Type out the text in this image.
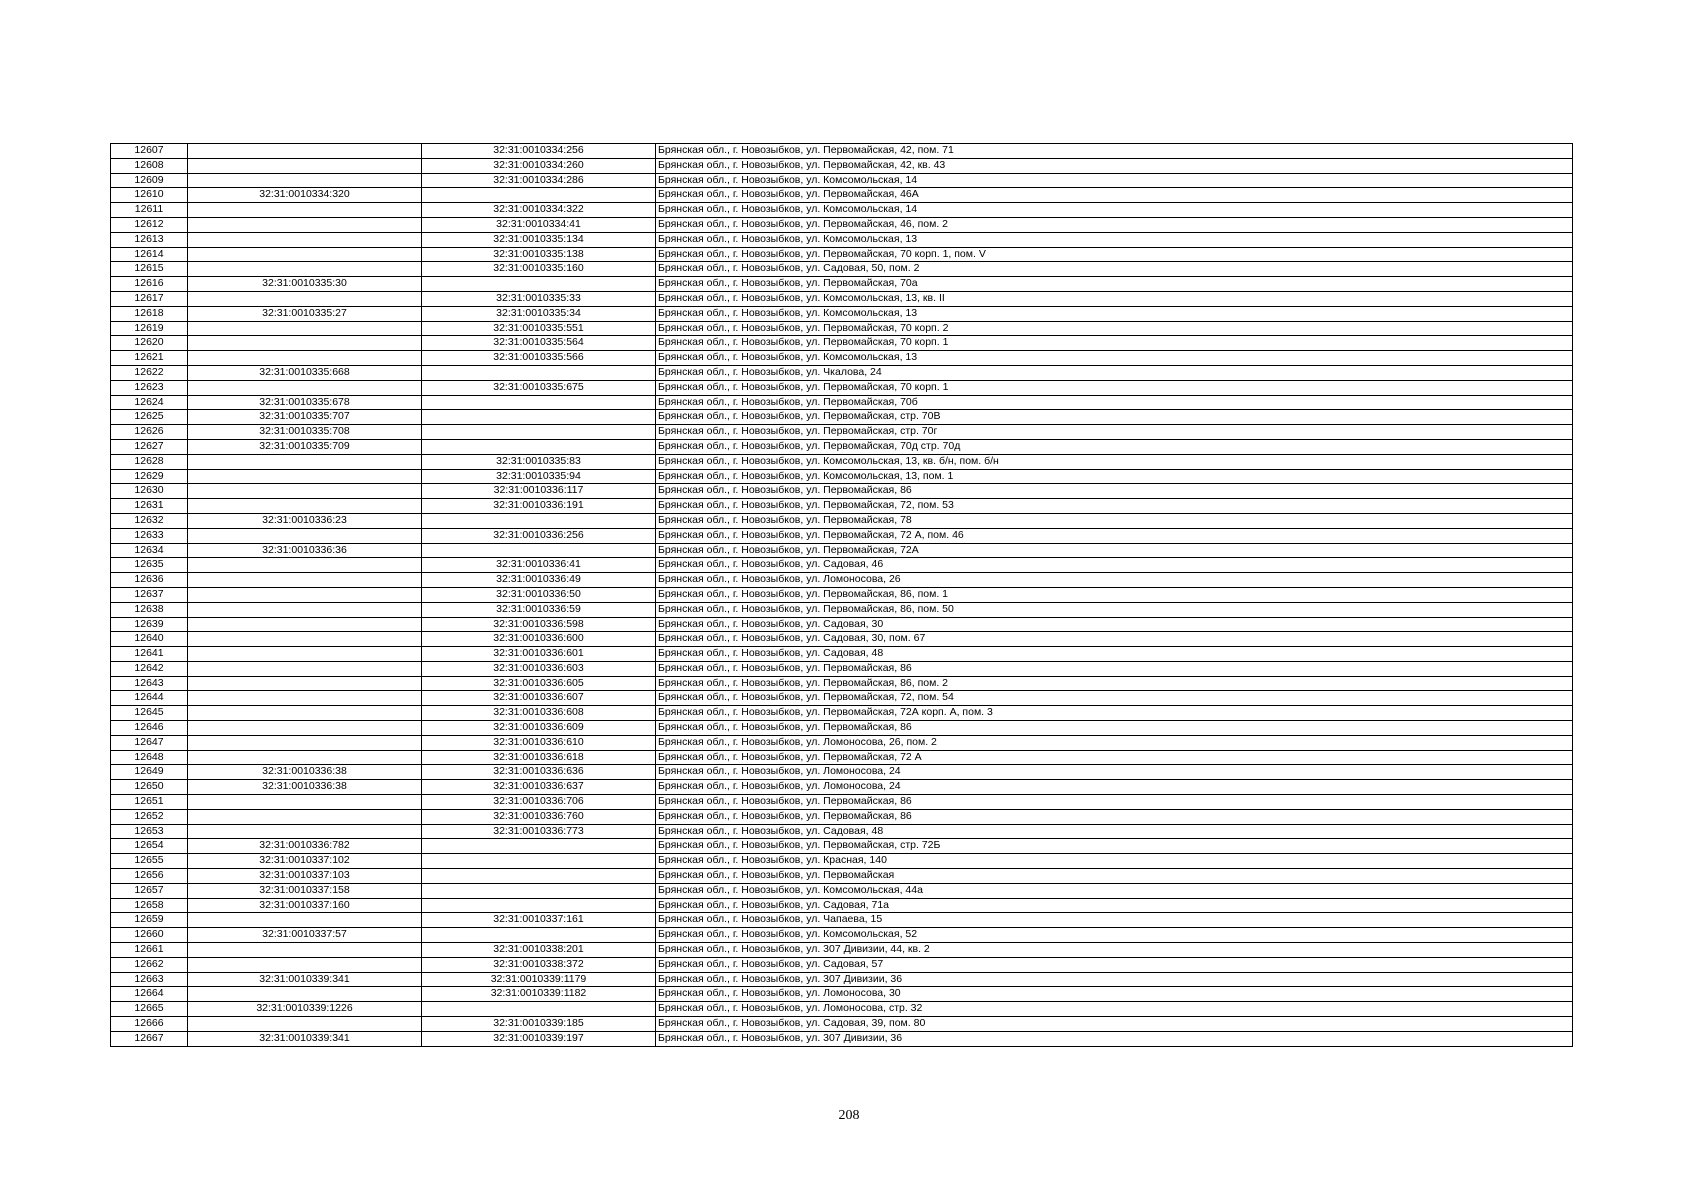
12607		32:31:0010334:256	Брянская обл., г. Новозыбков, ул. Первомайская, 42, пом. 71
12608		32:31:0010334:260	Брянская обл., г. Новозыбков, ул. Первомайская, 42, кв. 43
12609		32:31:0010334:286	Брянская обл., г. Новозыбков, ул. Комсомольская, 14
12610	32:31:0010334:320		Брянская обл., г. Новозыбков, ул. Первомайская, 46А
12611		32:31:0010334:322	Брянская обл., г. Новозыбков, ул. Комсомольская, 14
12612		32:31:0010334:41	Брянская обл., г. Новозыбков, ул. Первомайская, 46, пом. 2
12613		32:31:0010335:134	Брянская обл., г. Новозыбков, ул. Комсомольская, 13
12614		32:31:0010335:138	Брянская обл., г. Новозыбков, ул. Первомайская, 70 корп. 1, пом. V
12615		32:31:0010335:160	Брянская обл., г. Новозыбков, ул. Садовая, 50, пом. 2
12616	32:31:0010335:30		Брянская обл., г. Новозыбков, ул. Первомайская, 70а
12617		32:31:0010335:33	Брянская обл., г. Новозыбков, ул. Комсомольская, 13, кв. II
12618	32:31:0010335:27	32:31:0010335:34	Брянская обл., г. Новозыбков, ул. Комсомольская, 13
12619		32:31:0010335:551	Брянская обл., г. Новозыбков, ул. Первомайская, 70 корп. 2
12620		32:31:0010335:564	Брянская обл., г. Новозыбков, ул. Первомайская, 70 корп. 1
12621		32:31:0010335:566	Брянская обл., г. Новозыбков, ул. Комсомольская, 13
12622	32:31:0010335:668		Брянская обл., г. Новозыбков, ул. Чкалова, 24
12623		32:31:0010335:675	Брянская обл., г. Новозыбков, ул. Первомайская, 70 корп. 1
12624	32:31:0010335:678		Брянская обл., г. Новозыбков, ул. Первомайская, 70б
12625	32:31:0010335:707		Брянская обл., г. Новозыбков, ул. Первомайская, стр. 70В
12626	32:31:0010335:708		Брянская обл., г. Новозыбков, ул. Первомайская, стр. 70г
12627	32:31:0010335:709		Брянская обл., г. Новозыбков, ул. Первомайская, 70д стр. 70д
12628		32:31:0010335:83	Брянская обл., г. Новозыбков, ул. Комсомольская, 13, кв. б/н, пом. б/н
12629		32:31:0010335:94	Брянская обл., г. Новозыбков, ул. Комсомольская, 13, пом. 1
12630		32:31:0010336:117	Брянская обл., г. Новозыбков, ул. Первомайская, 86
12631		32:31:0010336:191	Брянская обл., г. Новозыбков, ул. Первомайская, 72, пом. 53
12632	32:31:0010336:23		Брянская обл., г. Новозыбков, ул. Первомайская, 78
12633		32:31:0010336:256	Брянская обл., г. Новозыбков, ул. Первомайская, 72 А, пом. 46
12634	32:31:0010336:36		Брянская обл., г. Новозыбков, ул. Первомайская, 72А
12635		32:31:0010336:41	Брянская обл., г. Новозыбков, ул. Садовая, 46
12636		32:31:0010336:49	Брянская обл., г. Новозыбков, ул. Ломоносова, 26
12637		32:31:0010336:50	Брянская обл., г. Новозыбков, ул. Первомайская, 86, пом. 1
12638		32:31:0010336:59	Брянская обл., г. Новозыбков, ул. Первомайская, 86, пом. 50
12639		32:31:0010336:598	Брянская обл., г. Новозыбков, ул. Садовая, 30
12640		32:31:0010336:600	Брянская обл., г. Новозыбков, ул. Садовая, 30, пом. 67
12641		32:31:0010336:601	Брянская обл., г. Новозыбков, ул. Садовая, 48
12642		32:31:0010336:603	Брянская обл., г. Новозыбков, ул. Первомайская, 86
12643		32:31:0010336:605	Брянская обл., г. Новозыбков, ул. Первомайская, 86, пом. 2
12644		32:31:0010336:607	Брянская обл., г. Новозыбков, ул. Первомайская, 72, пом. 54
12645		32:31:0010336:608	Брянская обл., г. Новозыбков, ул. Первомайская, 72А корп. А, пом. 3
12646		32:31:0010336:609	Брянская обл., г. Новозыбков, ул. Первомайская, 86
12647		32:31:0010336:610	Брянская обл., г. Новозыбков, ул. Ломоносова, 26, пом. 2
12648		32:31:0010336:618	Брянская обл., г. Новозыбков, ул. Первомайская, 72 А
12649	32:31:0010336:38	32:31:0010336:636	Брянская обл., г. Новозыбков, ул. Ломоносова, 24
12650	32:31:0010336:38	32:31:0010336:637	Брянская обл., г. Новозыбков, ул. Ломоносова, 24
12651		32:31:0010336:706	Брянская обл., г. Новозыбков, ул. Первомайская, 86
12652		32:31:0010336:760	Брянская обл., г. Новозыбков, ул. Первомайская, 86
12653		32:31:0010336:773	Брянская обл., г. Новозыбков, ул. Садовая, 48
12654	32:31:0010336:782		Брянская обл., г. Новозыбков, ул. Первомайская, стр. 72Б
12655	32:31:0010337:102		Брянская обл., г. Новозыбков, ул. Красная, 140
12656	32:31:0010337:103		Брянская обл., г. Новозыбков, ул. Первомайская
12657	32:31:0010337:158		Брянская обл., г. Новозыбков, ул. Комсомольская, 44а
12658	32:31:0010337:160		Брянская обл., г. Новозыбков, ул. Садовая, 71а
12659		32:31:0010337:161	Брянская обл., г. Новозыбков, ул. Чапаева, 15
12660	32:31:0010337:57		Брянская обл., г. Новозыбков, ул. Комсомольская, 52
12661		32:31:0010338:201	Брянская обл., г. Новозыбков, ул. 307 Дивизии, 44, кв. 2
12662		32:31:0010338:372	Брянская обл., г. Новозыбков, ул. Садовая, 57
12663	32:31:0010339:341	32:31:0010339:1179	Брянская обл., г. Новозыбков, ул. 307 Дивизии, 36
12664		32:31:0010339:1182	Брянская обл., г. Новозыбков, ул. Ломоносова, 30
12665	32:31:0010339:1226		Брянская обл., г. Новозыбков, ул. Ломоносова, стр. 32
12666		32:31:0010339:185	Брянская обл., г. Новозыбков, ул. Садовая, 39, пом. 80
12667	32:31:0010339:341	32:31:0010339:197	Брянская обл., г. Новозыбков, ул. 307 Дивизии, 36
208
